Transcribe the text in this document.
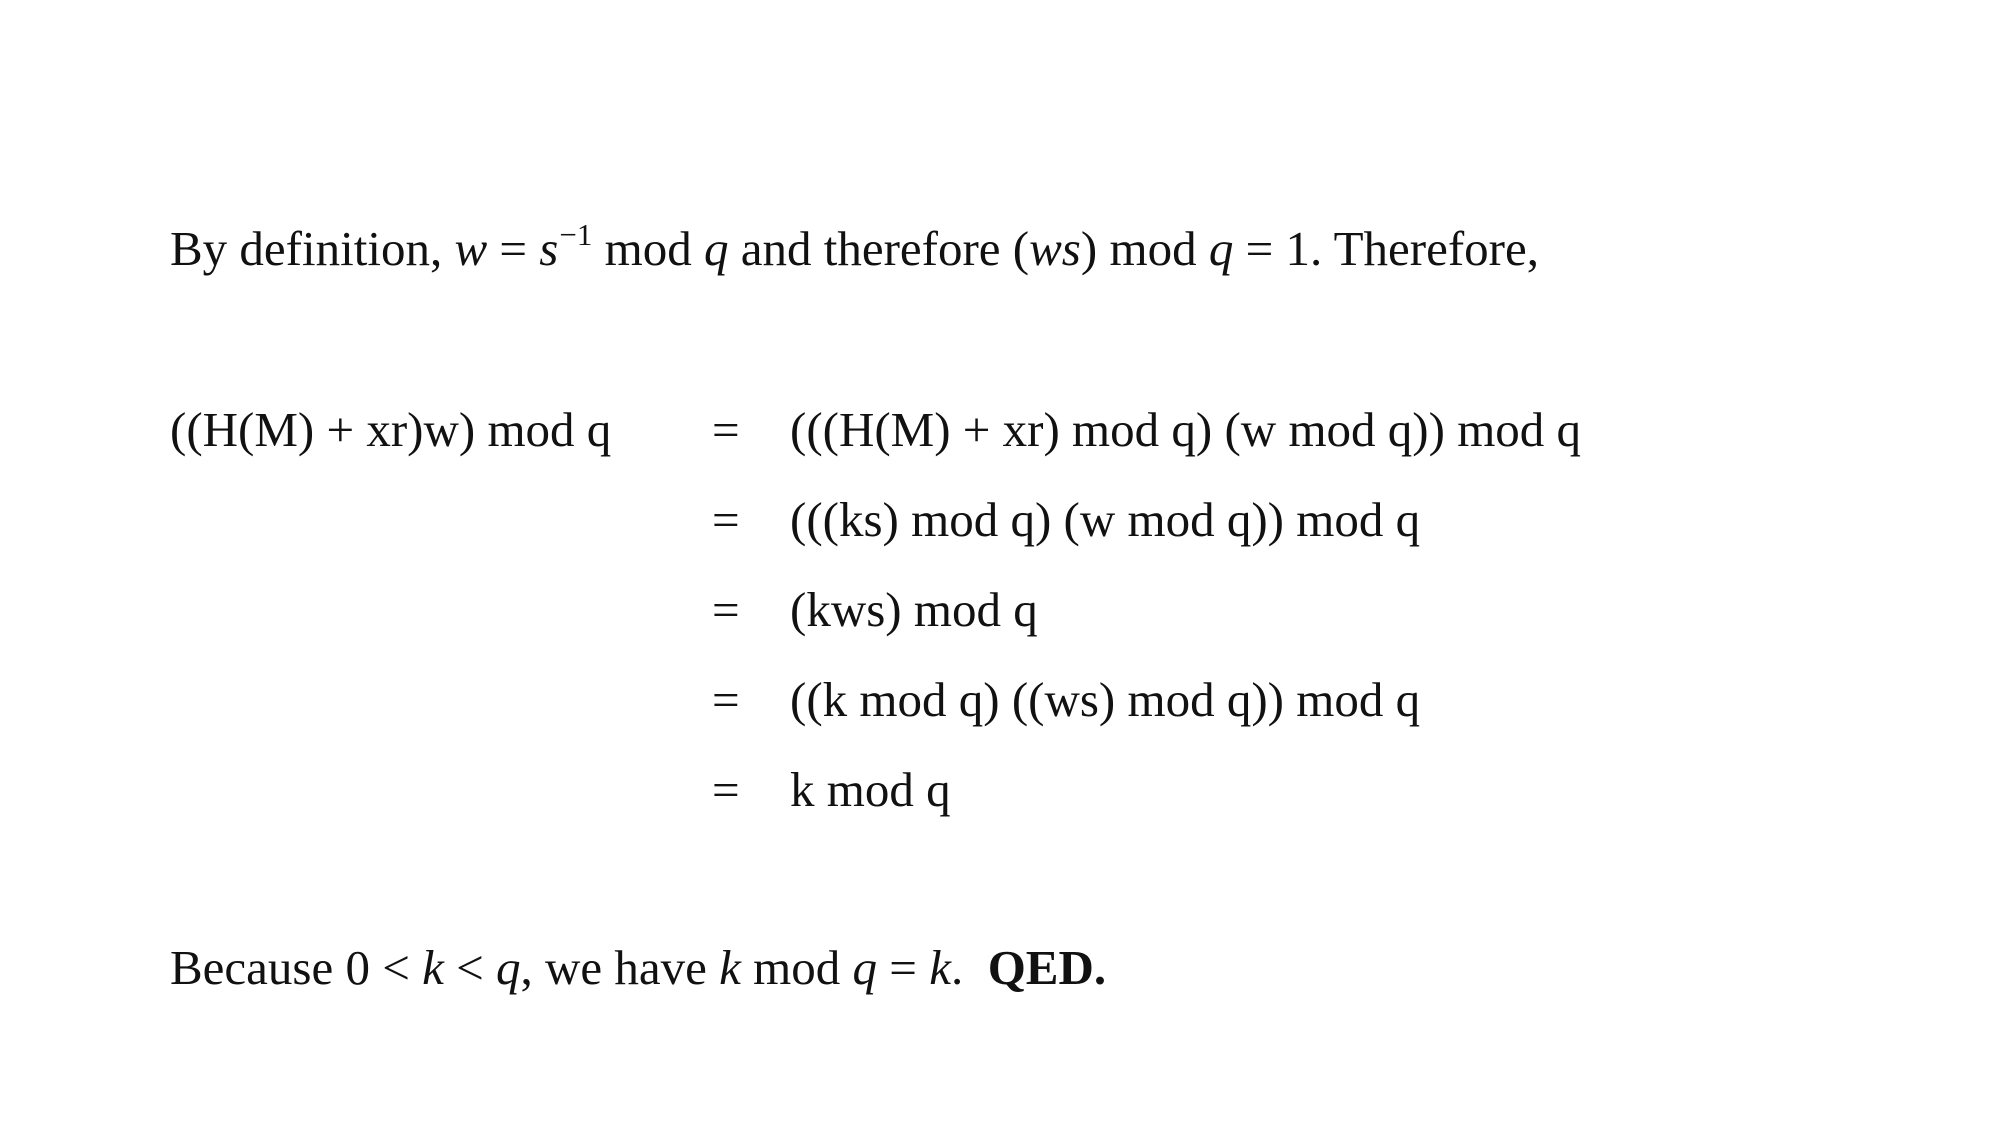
By definition, $w = s^{-1}$ mod q and therefore (ws) mod q = 1. Therefore,
((H(M) + xr)w) mod q = (((H(M) + xr) mod q) (w mod q)) mod q
= (((ks) mod q) (w mod q)) mod q
= (kws) mod q
= ((k mod q) ((ws) mod q)) mod q
= k mod q
Because 0 < k < q, we have k mod q = k. QED.
